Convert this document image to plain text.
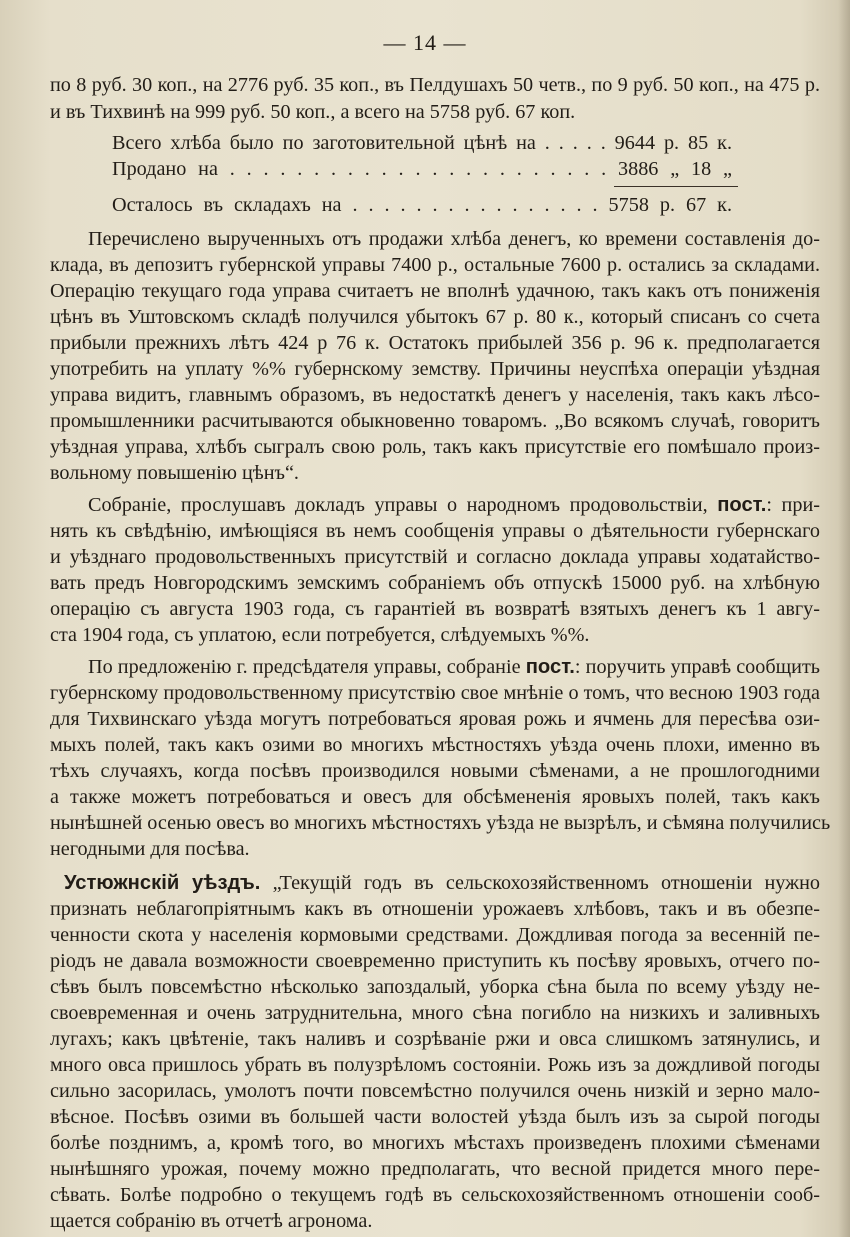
— 14 —
по 8 руб. 30 коп., на 2776 руб. 35 коп., въ Пелдушахъ 50 четв., по 9 руб. 50 коп., на 475 р.
и въ Тихвинѣ на 999 руб. 50 коп., а всего на 5758 руб. 67 коп.
Всего хлѣба было по заготовительной цѣнѣ на . . . . . 9644 р. 85 к.
Продано на . . . . . . . . . . . . . . . . . . . . . . . 3886 „ 18 „
Осталось въ складахъ на . . . . . . . . . . . . . . . . 5758 р. 67 к.
Перечислено вырученныхъ отъ продажи хлѣба денегъ, ко времени составленія до-
клада, въ депозитъ губернской управы 7400 р., остальные 7600 р. остались за складами.
Операцію текущаго года управа считаетъ не вполнѣ удачною, такъ какъ отъ пониженія
цѣнъ въ Уштовскомъ складѣ получился убытокъ 67 р. 80 к., который списанъ со счета
прибыли прежнихъ лѣтъ 424 р 76 к. Остатокъ прибылей 356 р. 96 к. предполагается
употребить на уплату %% губернскому земству. Причины неуспѣха операціи уѣздная
управа видитъ, главнымъ образомъ, въ недостаткѣ денегъ у населенія, такъ какъ лѣсо-
промышленники расчитываются обыкновенно товаромъ. „Во всякомъ случаѣ, говоритъ
уѣздная управа, хлѣбъ сыгралъ свою роль, такъ какъ присутствіе его помѣшало произ-
вольному повышенію цѣнъ“.
Собраніе, прослушавъ докладъ управы о народномъ продовольствіи, пост.: при-
нять къ свѣдѣнію, имѣющіяся въ немъ сообщенія управы о дѣятельности губернскаго
и уѣзднаго продовольственныхъ присутствій и согласно доклада управы ходатайство-
вать предъ Новгородскимъ земскимъ собраніемъ объ отпускѣ 15000 руб. на хлѣбную
операцію съ августа 1903 года, съ гарантіей въ возвратѣ взятыхъ денегъ къ 1 авгу-
ста 1904 года, съ уплатою, если потребуется, слѣдуемыхъ %%.
По предложенію г. предсѣдателя управы, собраніе пост.: поручить управѣ сообщить
губернскому продовольственному присутствію свое мнѣніе о томъ, что весною 1903 года
для Тихвинскаго уѣзда могутъ потребоваться яровая рожь и ячмень для пересѣва ози-
мыхъ полей, такъ какъ озими во многихъ мѣстностяхъ уѣзда очень плохи, именно въ
тѣхъ случаяхъ, когда посѣвъ производился новыми сѣменами, а не прошлогодними
а также можетъ потребоваться и овесъ для обсѣмененія яровыхъ полей, такъ какъ
нынѣшней осенью овесъ во многихъ мѣстностяхъ уѣзда не вызрѣлъ, и сѣмяна получились
негодными для посѣва.
Устюжнскій уѣздъ. „Текущій годъ въ сельскохозяйственномъ отношеніи нужно
признать неблагопріятнымъ какъ въ отношеніи урожаевъ хлѣбовъ, такъ и въ обезпе-
ченности скота у населенія кормовыми средствами. Дождливая погода за весенній пе-
ріодъ не давала возможности своевременно приступить къ посѣву яровыхъ, отчего по-
сѣвъ былъ повсемѣстно нѣсколько запоздалый, уборка сѣна была по всему уѣзду не-
своевременная и очень затруднительна, много сѣна погибло на низкихъ и заливныхъ
лугахъ; какъ цвѣтеніе, такъ наливъ и созрѣваніе ржи и овса слишкомъ затянулись, и
много овса пришлось убрать въ полузрѣломъ состояніи. Рожь изъ за дождливой погоды
сильно засорилась, умолотъ почти повсемѣстно получился очень низкій и зерно мало-
вѣсное. Посѣвъ озими въ большей части волостей уѣзда былъ изъ за сырой погоды
болѣе позднимъ, а, кромѣ того, во многихъ мѣстахъ произведенъ плохими сѣменами
нынѣшняго урожая, почему можно предполагать, что весной придется много пере-
сѣвать. Болѣе подробно о текущемъ годѣ въ сельскохозяйственномъ отношеніи сооб-
щается собранію въ отчетѣ агронома.
